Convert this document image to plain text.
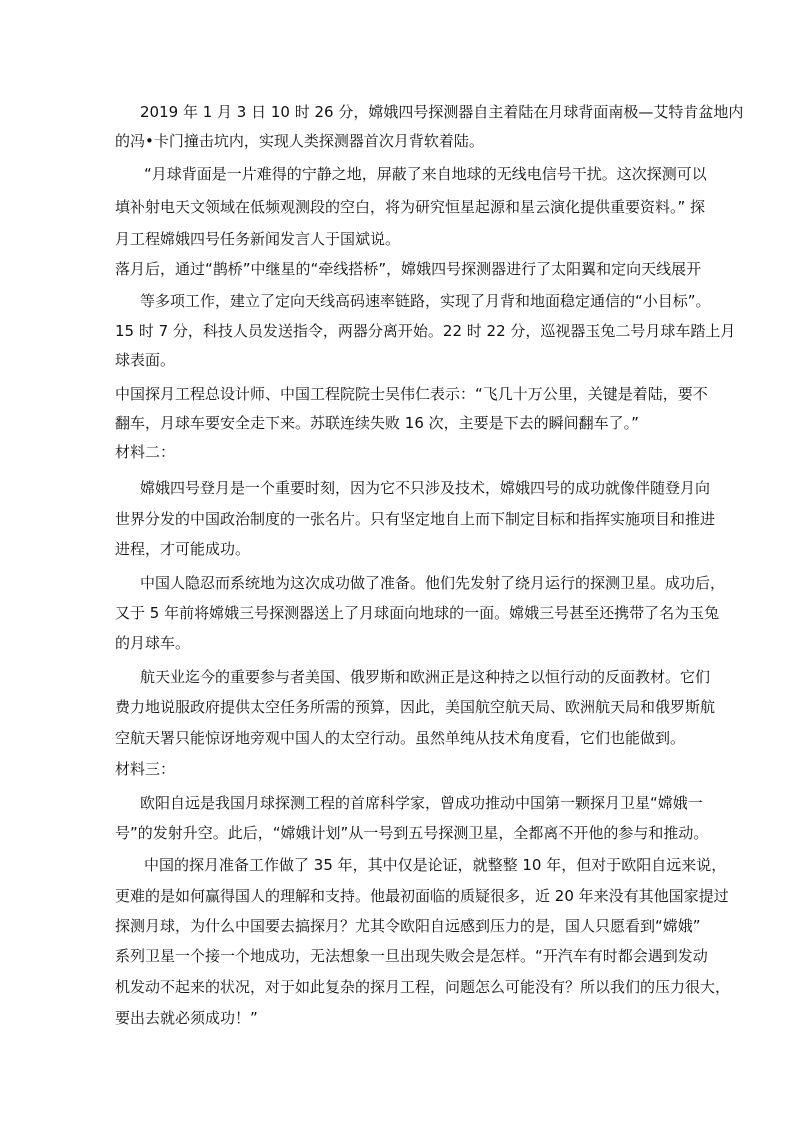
2019 年 1 月 3 日 10 时 26 分，嫦娥四号探测器自主着陆在月球背面南极—艾特肯盆地内
的冯•卡门撞击坑内，实现人类探测器首次月背软着陆。
“月球背面是一片难得的宁静之地，屏蔽了来自地球的无线电信号干扰。这次探测可以
填补射电天文领域在低频观测段的空白，将为研究恒星起源和星云演化提供重要资料。” 探
月工程嫦娥四号任务新闻发言人于国斌说。
落月后，通过“鹊桥”中继星的“牵线搭桥”，嫦娥四号探测器进行了太阳翼和定向天线展开
等多项工作，建立了定向天线高码速率链路，实现了月背和地面稳定通信的“小目标”。
15 时 7 分，科技人员发送指令，两器分离开始。22 时 22 分，巡视器玉兔二号月球车踏上月
球表面。
中国探月工程总设计师、中国工程院院士吴伟仁表示：“飞几十万公里，关键是着陆，要不
翻车，月球车要安全走下来。苏联连续失败 16 次，主要是下去的瞬间翻车了。”
材料二：
嫦娥四号登月是一个重要时刻，因为它不只涉及技术，嫦娥四号的成功就像伴随登月向
世界分发的中国政治制度的一张名片。只有坚定地自上而下制定目标和指挥实施项目和推进
进程，才可能成功。
中国人隐忍而系统地为这次成功做了准备。他们先发射了绕月运行的探测卫星。成功后，
又于 5 年前将嫦娥三号探测器送上了月球面向地球的一面。嫦娥三号甚至还携带了名为玉兔
的月球车。
航天业迄今的重要参与者美国、俄罗斯和欧洲正是这种持之以恒行动的反面教材。它们
费力地说服政府提供太空任务所需的预算，因此，美国航空航天局、欧洲航天局和俄罗斯航
空航天署只能惊讶地旁观中国人的太空行动。虽然单纯从技术角度看，它们也能做到。
材料三：
欧阳自远是我国月球探测工程的首席科学家，曾成功推动中国第一颗探月卫星“嫦娥一
号”的发射升空。此后，“嫦娥计划”从一号到五号探测卫星，全都离不开他的参与和推动。
中国的探月准备工作做了 35 年，其中仅是论证，就整整 10 年，但对于欧阳自远来说，
更难的是如何赢得国人的理解和支持。他最初面临的质疑很多，近 20 年来没有其他国家提过
探测月球，为什么中国要去搞探月？尤其令欧阳自远感到压力的是，国人只愿看到“嫦娥”
系列卫星一个接一个地成功，无法想象一旦出现失败会是怎样。“开汽车有时都会遇到发动
机发动不起来的状况，对于如此复杂的探月工程，问题怎么可能没有？所以我们的压力很大，
要出去就必须成功！”
